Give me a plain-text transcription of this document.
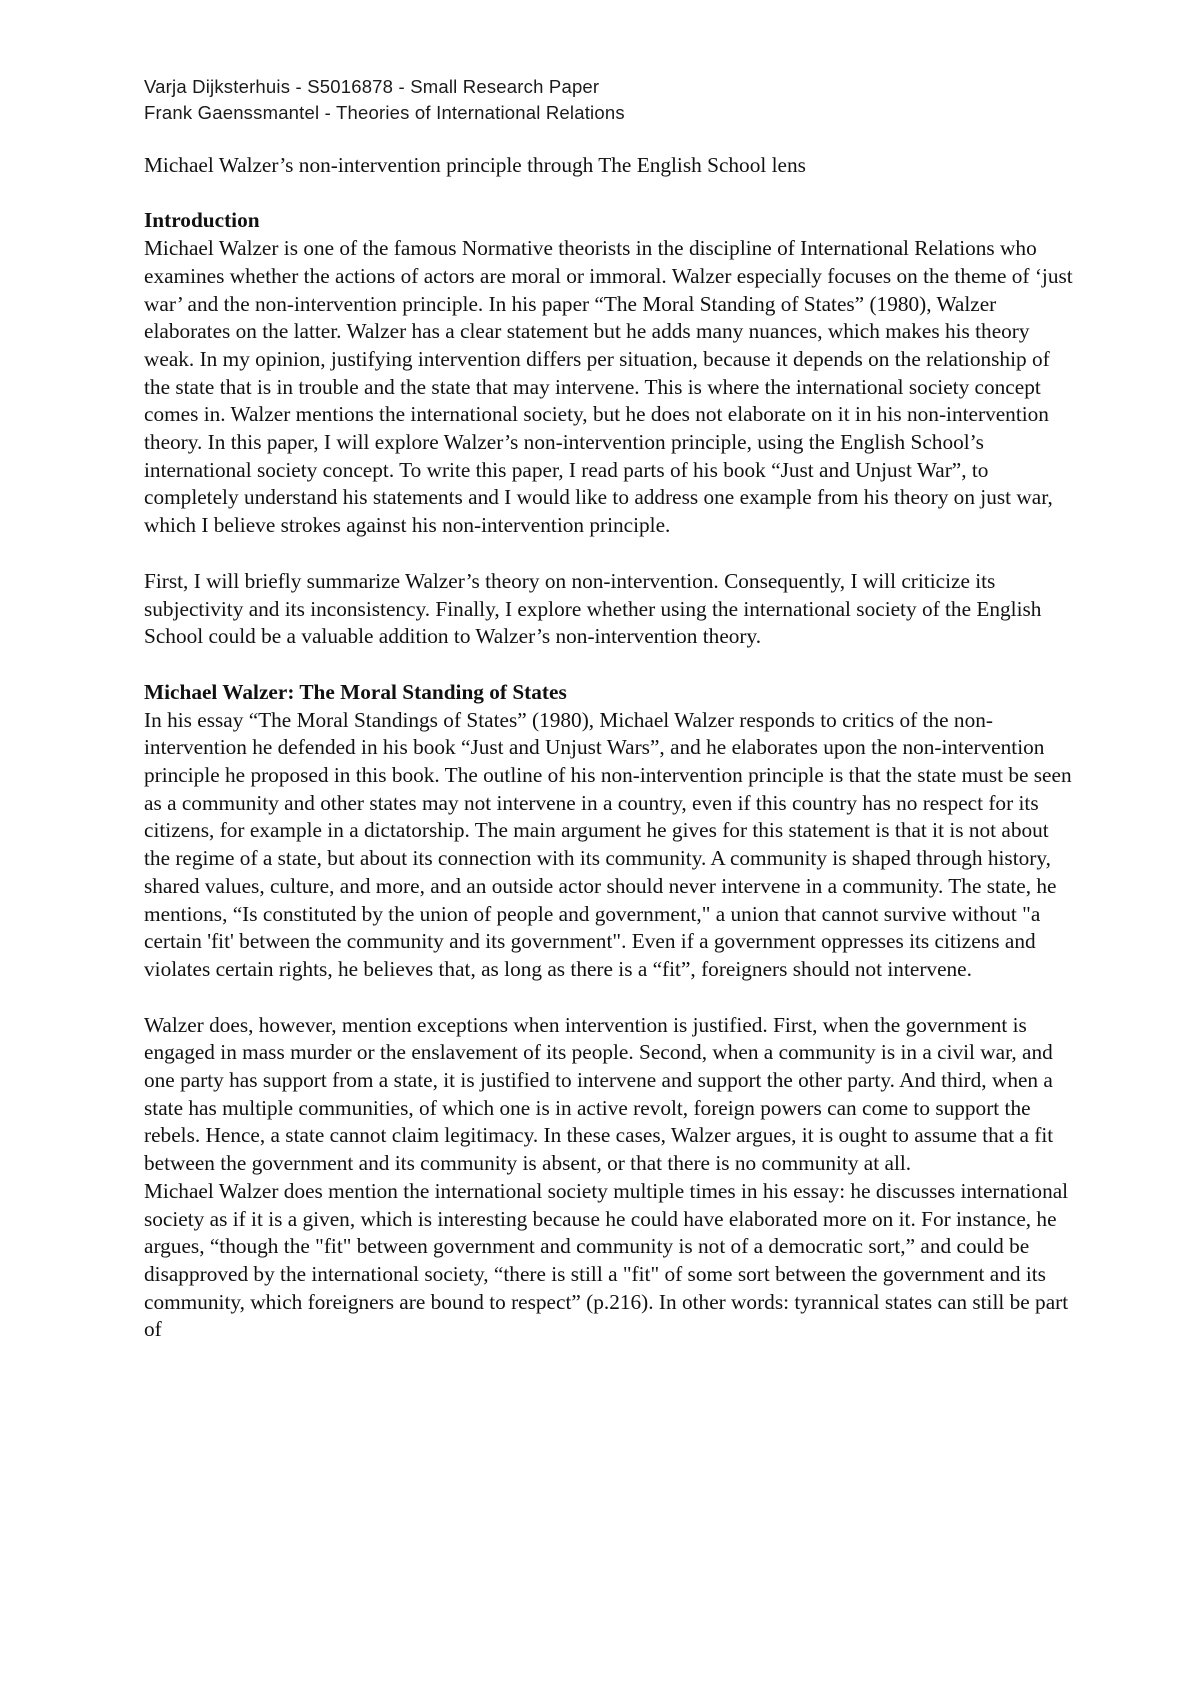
Varja Dijksterhuis - S5016878 - Small Research Paper

Frank Gaenssmantel - Theories of International Relations

Michael Walzer’s non-intervention principle through The English School lens

Introduction

Michael Walzer is one of the famous Normative theorists in the discipline of International Relations who examines whether the actions of actors are moral or immoral. Walzer especially focuses on the theme of ‘just war’ and the non-intervention principle. In his paper “The Moral Standing of States” (1980), Walzer elaborates on the latter. Walzer has a clear statement but he adds many nuances, which makes his theory weak. In my opinion, justifying intervention differs per situation, because it depends on the relationship of the state that is in trouble and the state that may intervene. This is where the international society concept comes in. Walzer mentions the international society, but he does not elaborate on it in his non-intervention theory. In this paper, I will explore Walzer’s non-intervention principle, using the English School’s international society concept. To write this paper, I read parts of his book “Just and Unjust War”, to completely understand his statements and I would like to address one example from his theory on just war, which I believe strokes against his non-intervention principle.

First, I will briefly summarize Walzer’s theory on non-intervention. Consequently, I will criticize its subjectivity and its inconsistency. Finally, I explore whether using the international society of the English School could be a valuable addition to Walzer’s non-intervention theory.

Michael Walzer: The Moral Standing of States

In his essay “The Moral Standings of States” (1980), Michael Walzer responds to critics of the non-intervention he defended in his book “Just and Unjust Wars”, and he elaborates upon the non-intervention principle he proposed in this book. The outline of his non-intervention principle is that the state must be seen as a community and other states may not intervene in a country, even if this country has no respect for its citizens, for example in a dictatorship. The main argument he gives for this statement is that it is not about the regime of a state, but about its connection with its community. A community is shaped through history, shared values, culture, and more, and an outside actor should never intervene in a community. The state, he mentions, “Is constituted by the union of people and government," a union that cannot survive without "a certain 'fit' between the community and its government". Even if a government oppresses its citizens and violates certain rights, he believes that, as long as there is a “fit”, foreigners should not intervene.

Walzer does, however, mention exceptions when intervention is justified. First, when the government is engaged in mass murder or the enslavement of its people. Second, when a community is in a civil war, and one party has support from a state, it is justified to intervene and support the other party. And third, when a state has multiple communities, of which one is in active revolt, foreign powers can come to support the rebels. Hence, a state cannot claim legitimacy. In these cases, Walzer argues, it is ought to assume that a fit between the government and its community is absent, or that there is no community at all.

Michael Walzer does mention the international society multiple times in his essay: he discusses international society as if it is a given, which is interesting because he could have elaborated more on it. For instance, he argues, “though the "fit" between government and community is not of a democratic sort,” and could be disapproved by the international society, “there is still a "fit" of some sort between the government and its community, which foreigners are bound to respect” (p.216). In other words: tyrannical states can still be part of
